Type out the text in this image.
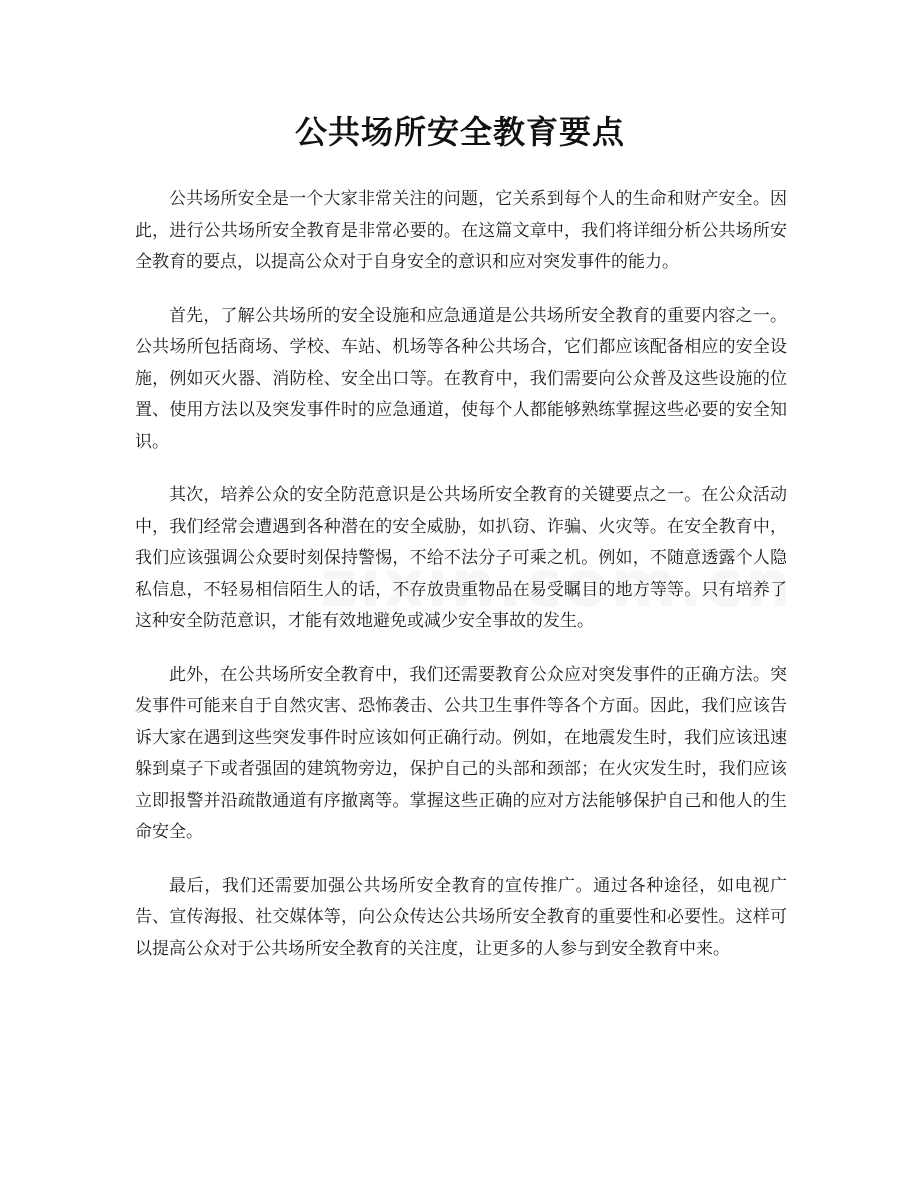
公共场所安全教育要点

公共场所安全是一个大家非常关注的问题，它关系到每个人的生命和财产安全。因此，进行公共场所安全教育是非常必要的。在这篇文章中，我们将详细分析公共场所安全教育的要点，以提高公众对于自身安全的意识和应对突发事件的能力。

首先，了解公共场所的安全设施和应急通道是公共场所安全教育的重要内容之一。公共场所包括商场、学校、车站、机场等各种公共场合，它们都应该配备相应的安全设施，例如灭火器、消防栓、安全出口等。在教育中，我们需要向公众普及这些设施的位置、使用方法以及突发事件时的应急通道，使每个人都能够熟练掌握这些必要的安全知识。

其次，培养公众的安全防范意识是公共场所安全教育的关键要点之一。在公众活动中，我们经常会遭遇到各种潜在的安全威胁，如扒窃、诈骗、火灾等。在安全教育中，我们应该强调公众要时刻保持警惕，不给不法分子可乘之机。例如，不随意透露个人隐私信息，不轻易相信陌生人的话，不存放贵重物品在易受瞩目的地方等等。只有培养了这种安全防范意识，才能有效地避免或减少安全事故的发生。

此外，在公共场所安全教育中，我们还需要教育公众应对突发事件的正确方法。突发事件可能来自于自然灾害、恐怖袭击、公共卫生事件等各个方面。因此，我们应该告诉大家在遇到这些突发事件时应该如何正确行动。例如，在地震发生时，我们应该迅速躲到桌子下或者强固的建筑物旁边，保护自己的头部和颈部；在火灾发生时，我们应该立即报警并沿疏散通道有序撤离等。掌握这些正确的应对方法能够保护自己和他人的生命安全。

最后，我们还需要加强公共场所安全教育的宣传推广。通过各种途径，如电视广告、宣传海报、社交媒体等，向公众传达公共场所安全教育的重要性和必要性。这样可以提高公众对于公共场所安全教育的关注度，让更多的人参与到安全教育中来。
